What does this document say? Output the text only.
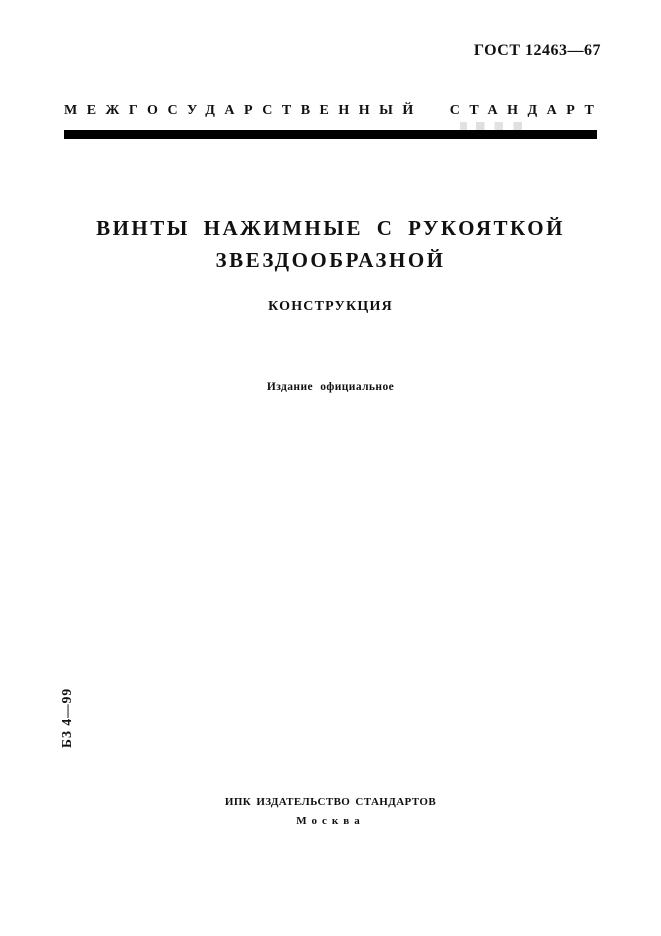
ГОСТ 12463—67
МЕЖГОСУДАРСТВЕННЫЙ СТАНДАРТ
ВИНТЫ НАЖИМНЫЕ С РУКОЯТКОЙ
ЗВЕЗДООБРАЗНОЙ
КОНСТРУКЦИЯ
Издание официальное
БЗ 4—99
ИПК ИЗДАТЕЛЬСТВО СТАНДАРТОВ
Москва
